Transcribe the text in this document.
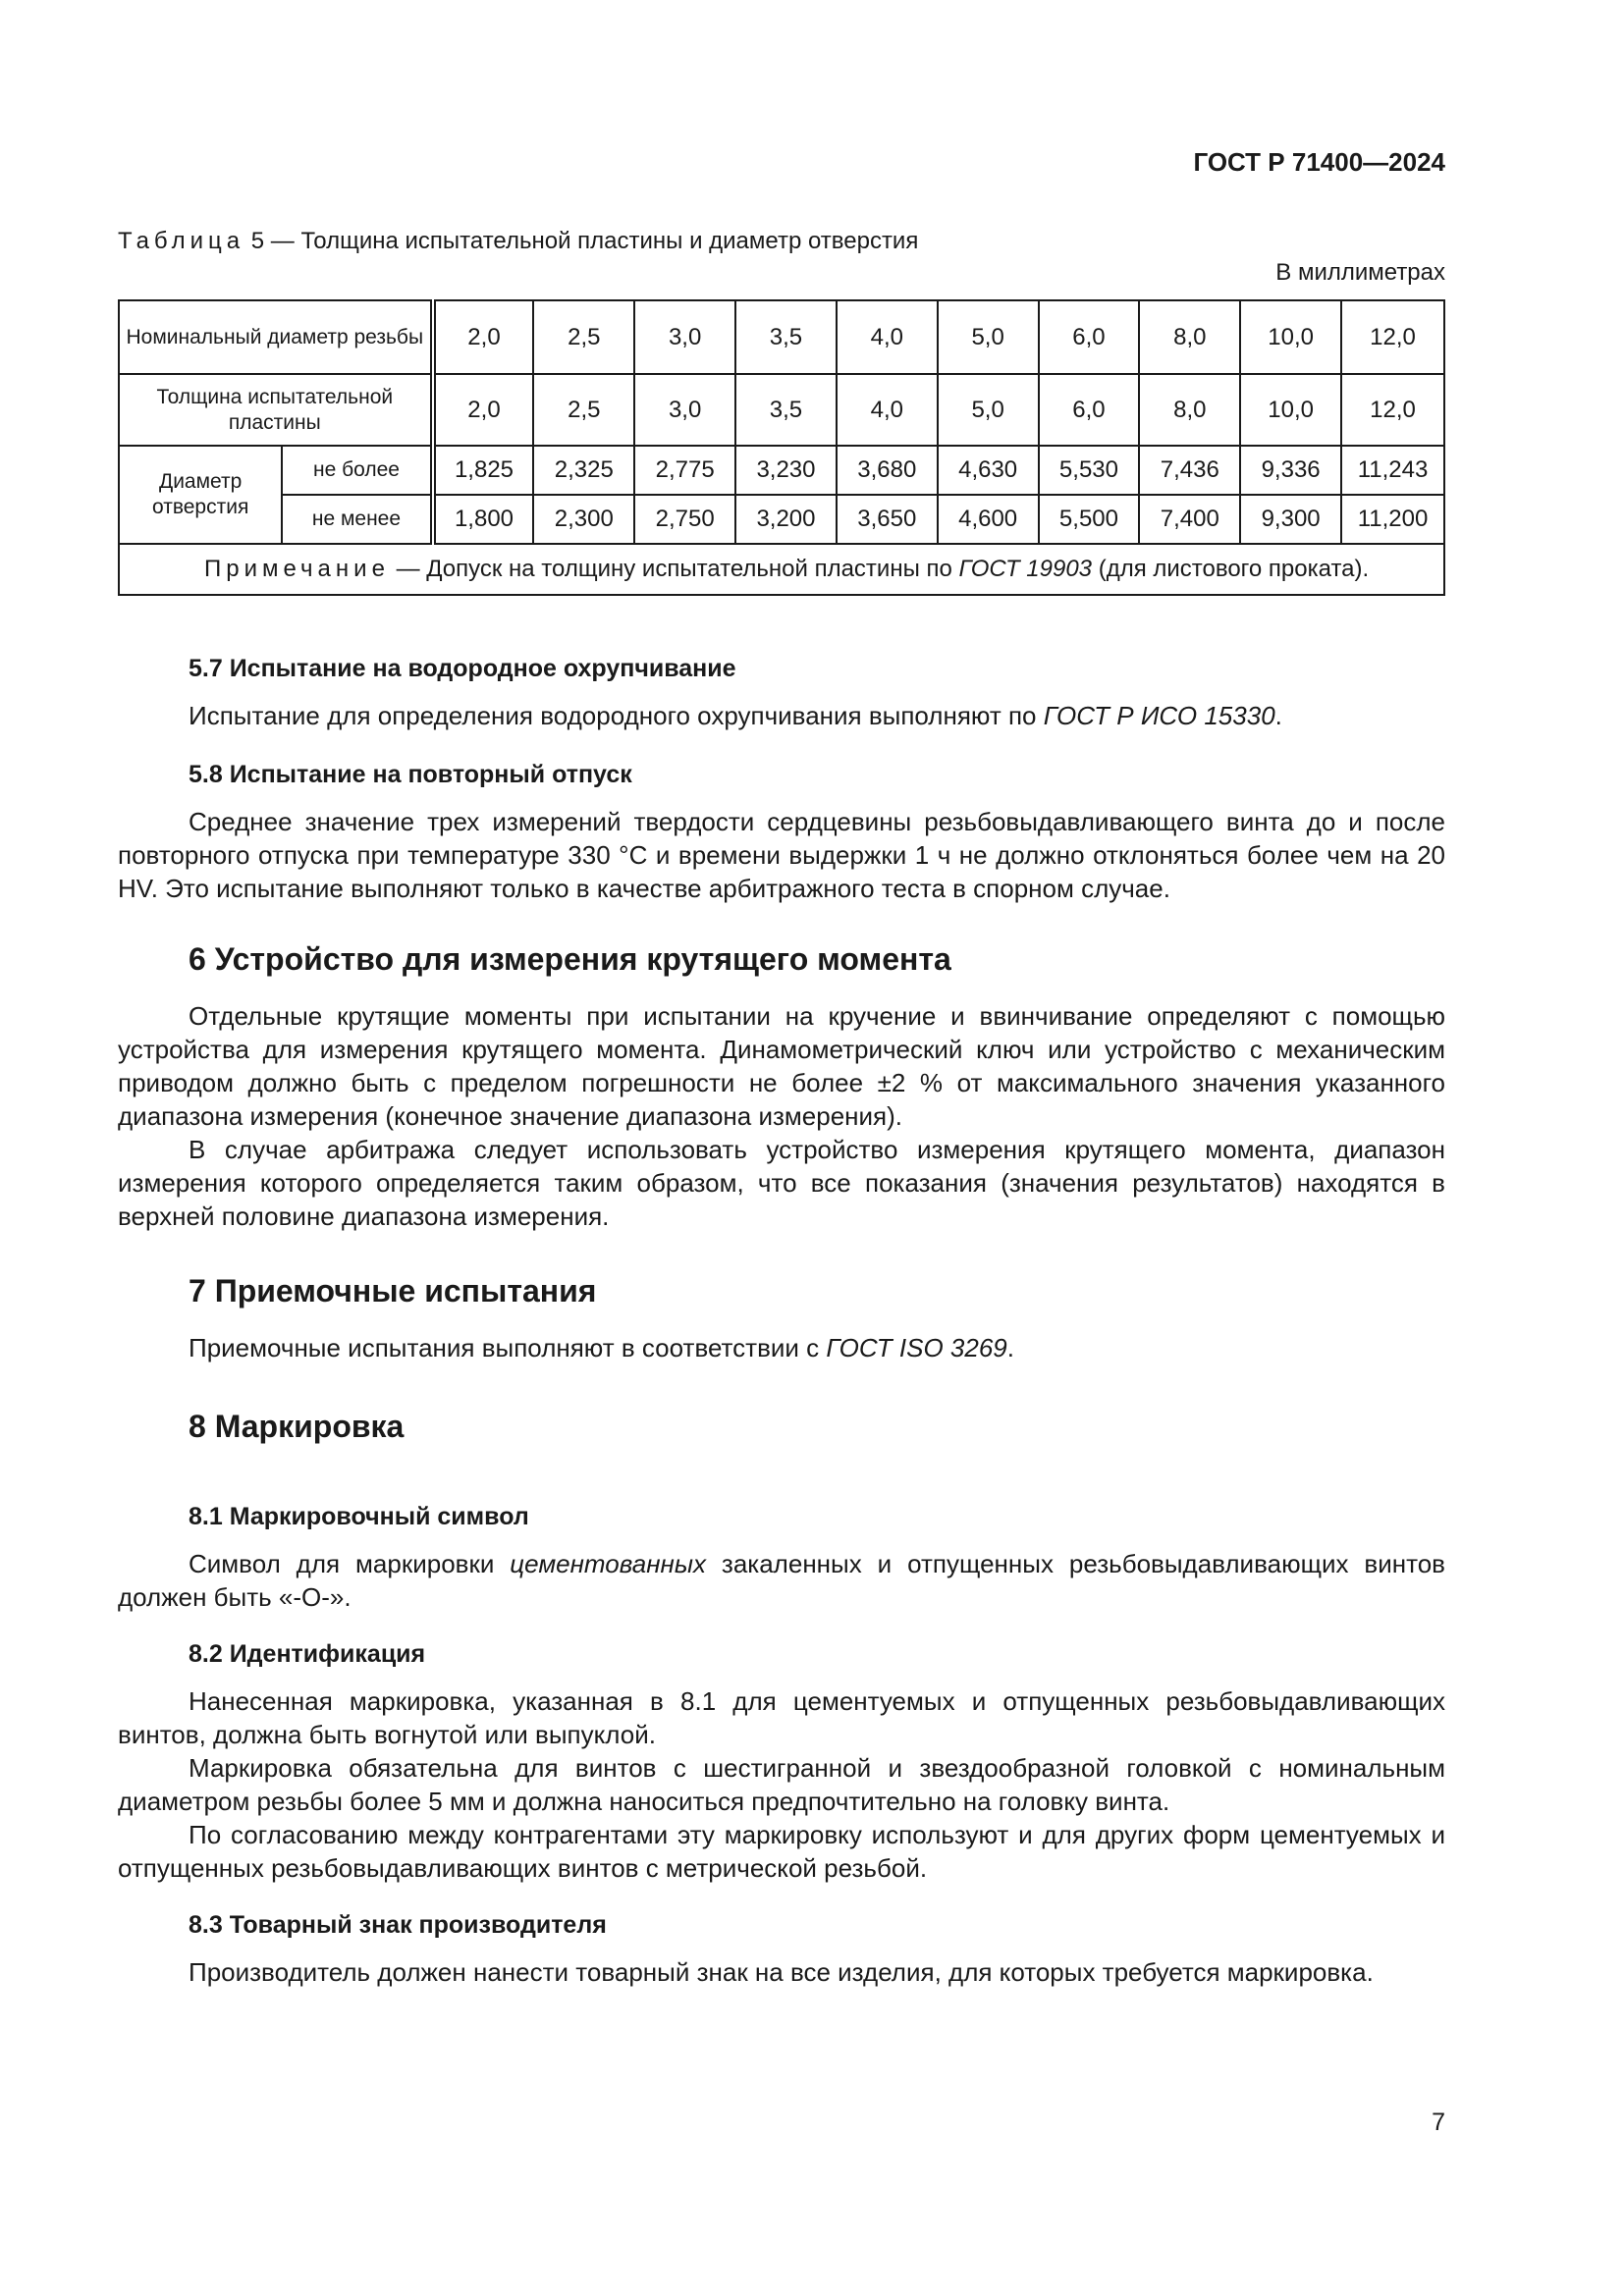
ГОСТ Р 71400—2024
Таблица 5 — Толщина испытательной пластины и диаметр отверстия
В миллиметрах
Номинальный диаметр резьбы		2,0	2,5	3,0	3,5	4,0	5,0	6,0	8,0	10,0	12,0
Толщина испытательной пластины		2,0	2,5	3,0	3,5	4,0	5,0	6,0	8,0	10,0	12,0
Диаметр отверстия	не более	1,825	2,325	2,775	3,230	3,680	4,630	5,530	7,436	9,336	11,243
	не менее	1,800	2,300	2,750	3,200	3,650	4,600	5,500	7,400	9,300	11,200
Примечание — Допуск на толщину испытательной пластины по ГОСТ 19903 (для листового проката).											
5.7 Испытание на водородное охрупчивание

Испытание для определения водородного охрупчивания выполняют по ГОСТ Р ИСО 15330.

5.8 Испытание на повторный отпуск

Среднее значение трех измерений твердости сердцевины резьбовыдавливающего винта до и после повторного отпуска при температуре 330 °С и времени выдержки 1 ч не должно отклоняться более чем на 20 HV. Это испытание выполняют только в качестве арбитражного теста в спорном случае.

6 Устройство для измерения крутящего момента

Отдельные крутящие моменты при испытании на кручение и ввинчивание определяют с помощью устройства для измерения крутящего момента. Динамометрический ключ или устройство с механическим приводом должно быть с пределом погрешности не более ±2 % от максимального значения указанного диапазона измерения (конечное значение диапазона измерения).

В случае арбитража следует использовать устройство измерения крутящего момента, диапазон измерения которого определяется таким образом, что все показания (значения результатов) находятся в верхней половине диапазона измерения.

7 Приемочные испытания

Приемочные испытания выполняют в соответствии с ГОСТ ISO 3269.

8 Маркировка
8.1 Маркировочный символ

Символ для маркировки цементованных закаленных и отпущенных резьбовыдавливающих винтов должен быть «-O-».

8.2 Идентификация

Нанесенная маркировка, указанная в 8.1 для цементуемых и отпущенных резьбовыдавливающих винтов, должна быть вогнутой или выпуклой.

Маркировка обязательна для винтов с шестигранной и звездообразной головкой с номинальным диаметром резьбы более 5 мм и должна наноситься предпочтительно на головку винта.

По согласованию между контрагентами эту маркировку используют и для других форм цементуемых и отпущенных резьбовыдавливающих винтов с метрической резьбой.

8.3 Товарный знак производителя

Производитель должен нанести товарный знак на все изделия, для которых требуется маркировка.

7
